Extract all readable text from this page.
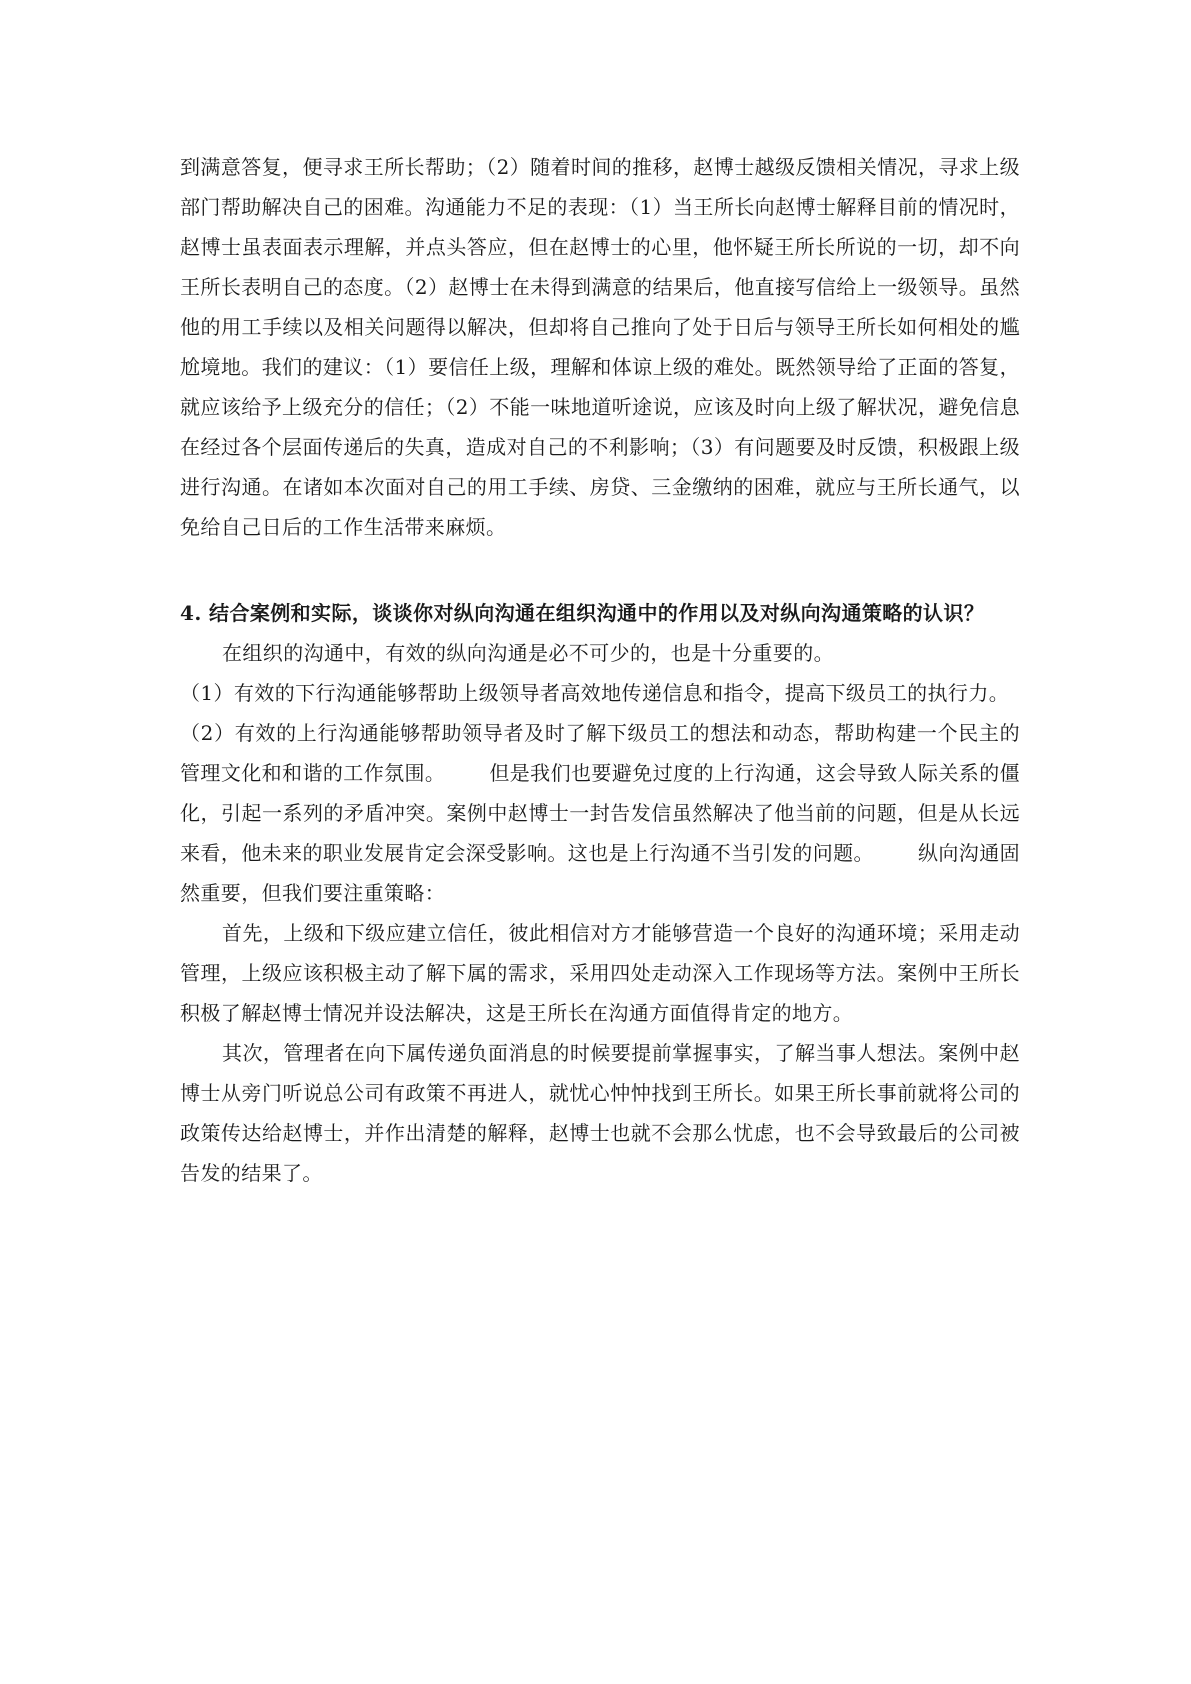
到满意答复，便寻求王所长帮助；（2）随着时间的推移，赵博士越级反馈相关情况，寻求上级部门帮助解决自己的困难。沟通能力不足的表现：（1）当王所长向赵博士解释目前的情况时，赵博士虽表面表示理解，并点头答应，但在赵博士的心里，他怀疑王所长所说的一切，却不向王所长表明自己的态度。（2）赵博士在未得到满意的结果后，他直接写信给上一级领导。虽然他的用工手续以及相关问题得以解决，但却将自己推向了处于日后与领导王所长如何相处的尴尬境地。我们的建议：（1）要信任上级，理解和体谅上级的难处。既然领导给了正面的答复，就应该给予上级充分的信任；（2）不能一味地道听途说，应该及时向上级了解状况，避免信息在经过各个层面传递后的失真，造成对自己的不利影响；（3）有问题要及时反馈，积极跟上级进行沟通。在诸如本次面对自己的用工手续、房贷、三金缴纳的困难，就应与王所长通气，以免给自己日后的工作生活带来麻烦。

4. 结合案例和实际，谈谈你对纵向沟通在组织沟通中的作用以及对纵向沟通策略的认识？

在组织的沟通中，有效的纵向沟通是必不可少的，也是十分重要的。

（1）有效的下行沟通能够帮助上级领导者高效地传递信息和指令，提高下级员工的执行力。

（2）有效的上行沟通能够帮助领导者及时了解下级员工的想法和动态，帮助构建一个民主的管理文化和和谐的工作氛围。 但是我们也要避免过度的上行沟通，这会导致人际关系的僵化，引起一系列的矛盾冲突。案例中赵博士一封告发信虽然解决了他当前的问题，但是从长远来看，他未来的职业发展肯定会深受影响。这也是上行沟通不当引发的问题。 纵向沟通固然重要，但我们要注重策略：

首先，上级和下级应建立信任，彼此相信对方才能够营造一个良好的沟通环境；采用走动管理，上级应该积极主动了解下属的需求，采用四处走动深入工作现场等方法。案例中王所长积极了解赵博士情况并设法解决，这是王所长在沟通方面值得肯定的地方。

其次，管理者在向下属传递负面消息的时候要提前掌握事实，了解当事人想法。案例中赵博士从旁门听说总公司有政策不再进人，就忧心忡忡找到王所长。如果王所长事前就将公司的政策传达给赵博士，并作出清楚的解释，赵博士也就不会那么忧虑，也不会导致最后的公司被告发的结果了。
